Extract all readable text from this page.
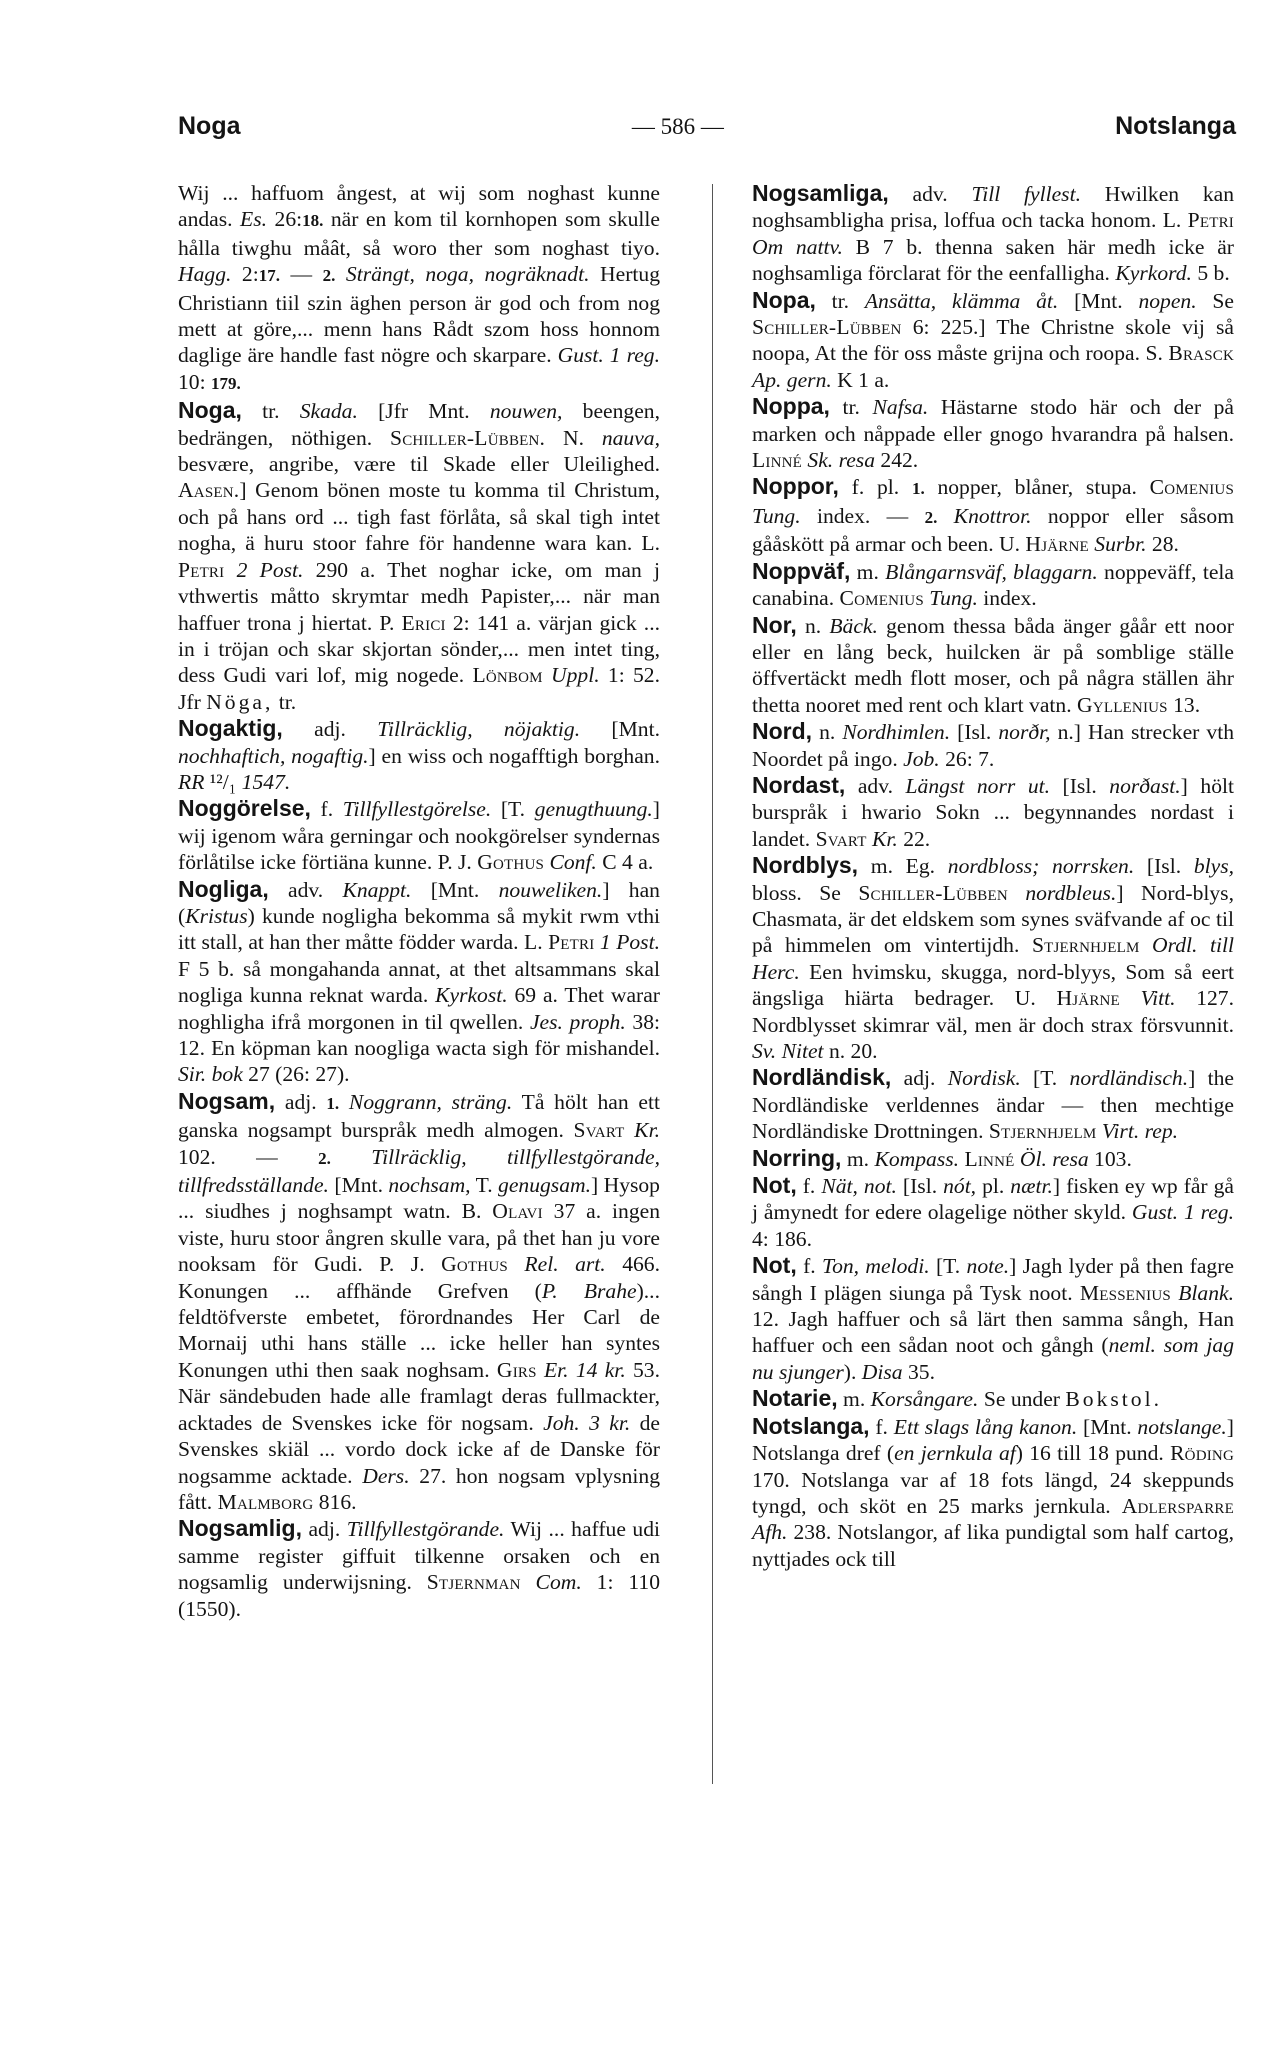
Noga	— 586 —	Notslanga

Wij ... haffuom ångest, at wij som noghast kunne andas. Es. 26:18. när en kom til kornhopen som skulle hålla tiwghu måât, så woro ther som noghast tiyo. Hagg. 2:17. — 2. Strängt, noga, nogräknadt. Hertug Christiann tiil szin äghen person är god och from nog mett at göre,... menn hans Rådt szom hoss honnom daglige äre handle fast nögre och skarpare. Gust. 1 reg. 10: 179.

Noga, tr. Skada. [Jfr Mnt. nouwen, beengen, bedrängen, nöthigen. Schiller-Lübben. N. nauva, besvære, angribe, være til Skade eller Uleilighed. Aasen.] Genom bönen moste tu komma til Christum, och på hans ord ... tigh fast förlåta, så skal tigh intet nogha, ä huru stoor fahre för handenne wara kan. L. Petri 2 Post. 290 a. Thet noghar icke, om man j vthwertis måtto skrymtar medh Papister,... när man haffuer trona j hiertat. P. Erici 2: 141 a. värjan gick ... in i tröjan och skar skjortan sönder,... men intet ting, dess Gudi vari lof, mig nogede. Lönbom Uppl. 1: 52. Jfr Nöga, tr.

Nogaktig, adj. Tillräcklig, nöjaktig. [Mnt. nochhaftich, nogaftig.] en wiss och nogafftigh borghan. RR ¹²/₁ 1547.

Noggörelse, f. Tillfyllestgörelse. [T. genugthuung.] wij igenom wåra gerningar och nookgörelser syndernas förlåtilse icke förtiäna kunne. P. J. Gothus Conf. C 4 a.

Nogliga, adv. Knappt. [Mnt. nouweliken.] han (Kristus) kunde nogligha bekomma så mykit rwm vthi itt stall, at han ther måtte födder warda. L. Petri 1 Post. F 5 b. så mongahanda annat, at thet altsammans skal nogliga kunna reknat warda. Kyrkost. 69 a. Thet warar noghligha ifrå morgonen in til qwellen. Jes. proph. 38: 12. En köpman kan noogliga wacta sigh för mishandel. Sir. bok 27 (26: 27).

Nogsam, adj. 1. Noggrann, sträng. Tå hölt han ett ganska nogsampt burspråk medh almogen. Svart Kr. 102. — 2. Tillräcklig, tillfyllestgörande, tillfredsställande. [Mnt. nochsam, T. genugsam.] Hysop ... siudhes j noghsampt watn. B. Olavi 37 a. ingen viste, huru stoor ångren skulle vara, på thet han ju vore nooksam för Gudi. P. J. Gothus Rel. art. 466. Konungen ... affhände Grefven (P. Brahe)... feldtöfverste embetet, förordnandes Her Carl de Mornaij uthi hans ställe ... icke heller han syntes Konungen uthi then saak noghsam. Girs Er. 14 kr. 53. När sändebuden hade alle framlagt deras fullmackter, acktades de Svenskes icke för nogsam. Joh. 3 kr. de Svenskes skiäl ... vordo dock icke af de Danske för nogsamme acktade. Ders. 27. hon nogsam vplysning fått. Malmborg 816.

Nogsamlig, adj. Tillfyllestgörande. Wij ... haffue udi samme register giffuit tilkenne orsaken och en nogsamlig underwijsning. Stjernman Com. 1: 110 (1550).

Nogsamliga, adv. Till fyllest. Hwilken kan noghsambligha prisa, loffua och tacka honom. L. Petri Om nattv. B 7 b. thenna saken här medh icke är noghsamliga förclarat för the eenfalligha. Kyrkord. 5 b.

Nopa, tr. Ansätta, klämma åt. [Mnt. nopen. Se Schiller-Lübben 6: 225.] The Christne skole vij så noopa, At the för oss måste grijna och roopa. S. Brasck Ap. gern. K 1 a.

Noppa, tr. Nafsa. Hästarne stodo här och der på marken och nåppade eller gnogo hvarandra på halsen. Linné Sk. resa 242.

Noppor, f. pl. 1. nopper, blåner, stupa. Comenius Tung. index. — 2. Knottror. noppor eller såsom gååskött på armar och been. U. Hjärne Surbr. 28.

Noppväf, m. Blångarnsväf, blaggarn. noppeväff, tela canabina. Comenius Tung. index.

Nor, n. Bäck. genom thessa båda änger gåår ett noor eller en lång beck, huilcken är på somblige ställe öffvertäckt medh flott moser, och på några ställen ähr thetta nooret med rent och klart vatn. Gyllenius 13.

Nord, n. Nordhimlen. [Isl. norðr, n.] Han strecker vth Noordet på ingo. Job. 26: 7.

Nordast, adv. Längst norr ut. [Isl. norðast.] hölt burspråk i hwario Sokn ... begynnandes nordast i landet. Svart Kr. 22.

Nordblys, m. Eg. nordbloss; norrsken. [Isl. blys, bloss. Se Schiller-Lübben nordbleus.] Nord-blys, Chasmata, är det eldskem som synes sväfvande af oc til på himmelen om vintertijdh. Stjernhjelm Ordl. till Herc. Een hvimsku, skugga, nord-blyys, Som så eert ängsliga hiärta bedrager. U. Hjärne Vitt. 127. Nordblysset skimrar väl, men är doch strax försvunnit. Sv. Nitet n. 20.

Nordländisk, adj. Nordisk. [T. nordländisch.] the Nordländiske verldennes ändar — then mechtige Nordländiske Drottningen. Stjernhjelm Virt. rep.

Norring, m. Kompass. Linné Öl. resa 103.

Not, f. Nät, not. [Isl. nót, pl. nætr.] fisken ey wp får gå j åmynedt for edere olagelige nöther skyld. Gust. 1 reg. 4: 186.

Not, f. Ton, melodi. [T. note.] Jagh lyder på then fagre sångh I plägen siunga på Tysk noot. Messenius Blank. 12. Jagh haffuer och så lärt then samma sångh, Han haffuer och een sådan noot och gångh (neml. som jag nu sjunger). Disa 35.

Notarie, m. Korsångare. Se under Bokstol.

Notslanga, f. Ett slags lång kanon. [Mnt. notslange.] Notslanga dref (en jernkula af) 16 till 18 pund. Röding 170. Notslanga var af 18 fots längd, 24 skeppunds tyngd, och sköt en 25 marks jernkula. Adlersparre Afh. 238. Notslangor, af lika pundigtal som half cartog, nyttjades ock till
